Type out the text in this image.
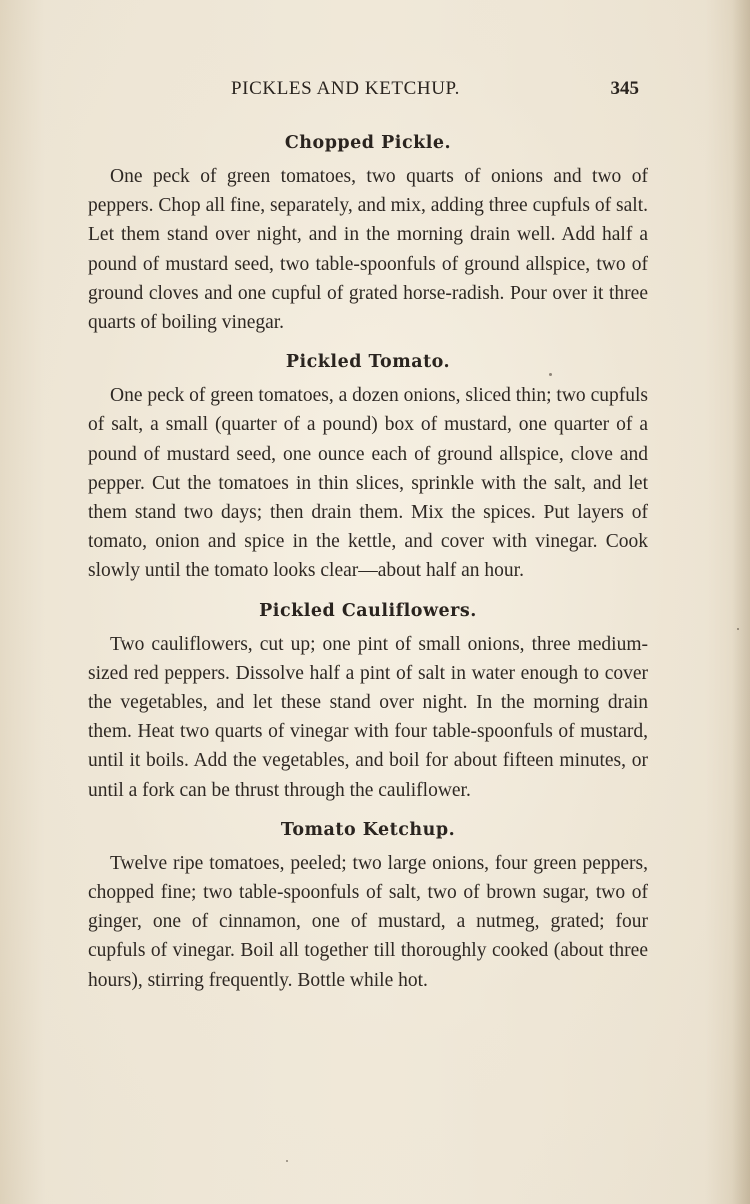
PICKLES AND KETCHUP.	345
Chopped Pickle.

One peck of green tomatoes, two quarts of onions and two of peppers. Chop all fine, separately, and mix, adding three cupfuls of salt. Let them stand over night, and in the morning drain well. Add half a pound of mustard seed, two table-spoonfuls of ground allspice, two of ground cloves and one cupful of grated horse-radish. Pour over it three quarts of boiling vinegar.

Pickled Tomato.

One peck of green tomatoes, a dozen onions, sliced thin; two cupfuls of salt, a small (quarter of a pound) box of mustard, one quarter of a pound of mustard seed, one ounce each of ground allspice, clove and pepper. Cut the tomatoes in thin slices, sprinkle with the salt, and let them stand two days; then drain them. Mix the spices. Put layers of tomato, onion and spice in the kettle, and cover with vinegar. Cook slowly until the tomato looks clear—about half an hour.

Pickled Cauliflowers.

Two cauliflowers, cut up; one pint of small onions, three medium-sized red peppers. Dissolve half a pint of salt in water enough to cover the vegetables, and let these stand over night. In the morning drain them. Heat two quarts of vinegar with four table-spoonfuls of mustard, until it boils. Add the vegetables, and boil for about fifteen minutes, or until a fork can be thrust through the cauliflower.

Tomato Ketchup.

Twelve ripe tomatoes, peeled; two large onions, four green peppers, chopped fine; two table-spoonfuls of salt, two of brown sugar, two of ginger, one of cinnamon, one of mustard, a nutmeg, grated; four cupfuls of vinegar. Boil all together till thoroughly cooked (about three hours), stirring frequently. Bottle while hot.
